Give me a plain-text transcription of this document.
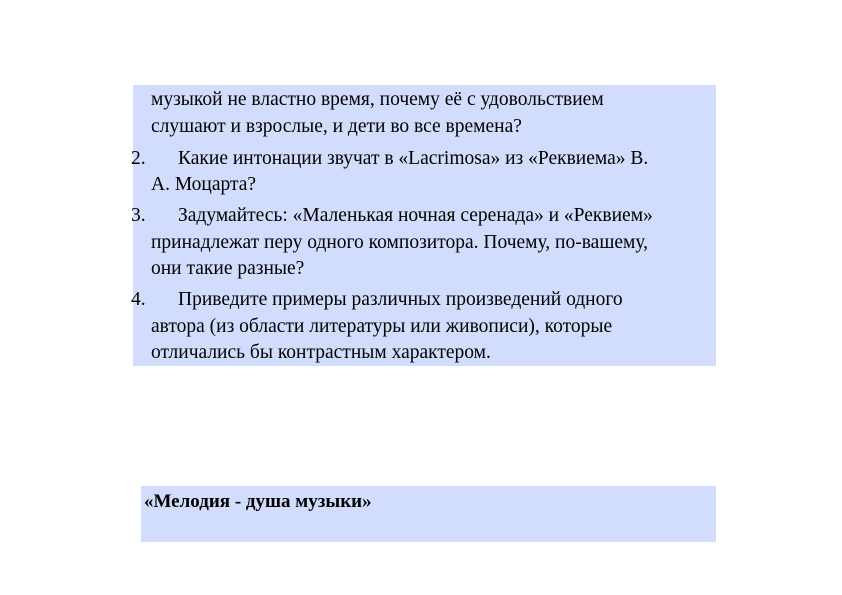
музыкой не властно время, почему её с удовольствием
слушают и взрослые, и дети во все времена?
2. Какие интонации звучат в «Lacrimosa» из «Реквиема» В.
А. Моцарта?
3. Задумайтесь: «Маленькая ночная серенада» и «Реквием»
принадлежат перу одного композитора. Почему, по-вашему,
они такие разные?
4. Приведите примеры различных произведений одного
автора (из области литературы или живописи), которые
отличались бы контрастным характером.
«Мелодия - душа музыки»
